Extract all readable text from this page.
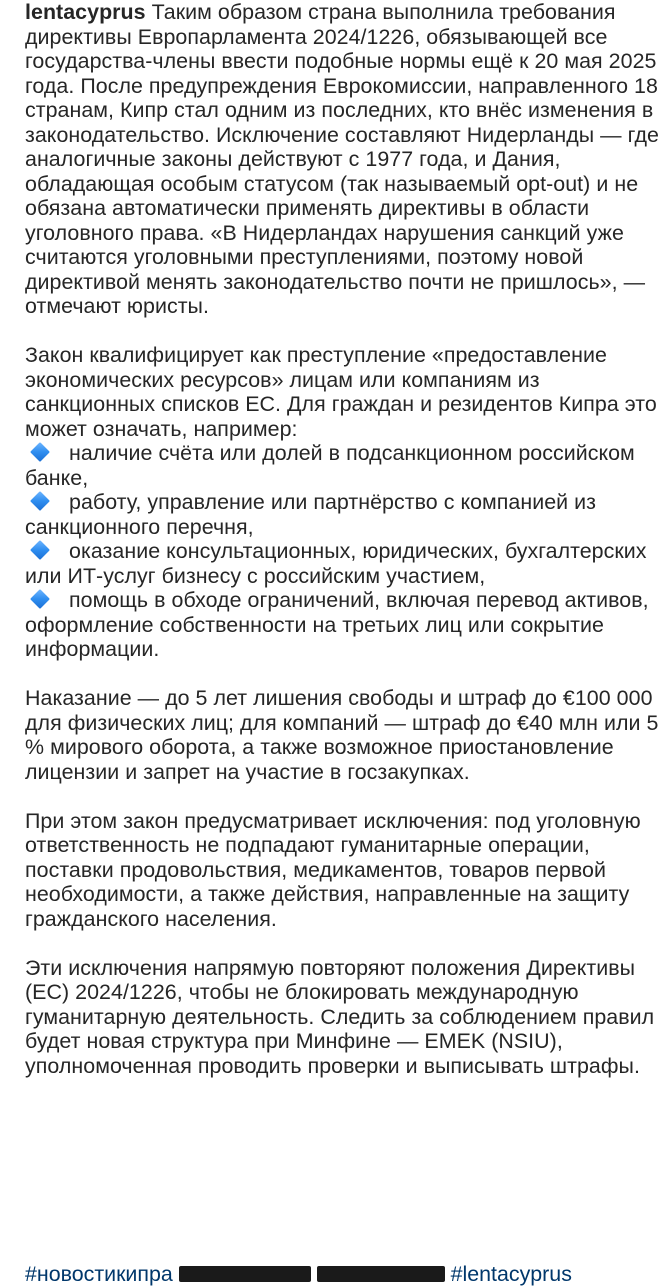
lentacyprus Таким образом страна выполнила требования директивы Европарламента 2024/1226, обязывающей все государства-члены ввести подобные нормы ещё к 20 мая 2025 года. После предупреждения Еврокомиссии, направленного 18 странам, Кипр стал одним из последних, кто внёс изменения в законодательство. Исключение составляют Нидерланды — где аналогичные законы действуют с 1977 года, и Дания, обладающая особым статусом (так называемый opt-out) и не обязана автоматически применять директивы в области уголовного права. «В Нидерландах нарушения санкций уже считаются уголовными преступлениями, поэтому новой директивой менять законодательство почти не пришлось», — отмечают юристы.

Закон квалифицирует как преступление «предоставление экономических ресурсов» лицам или компаниям из санкционных списков ЕС. Для граждан и резидентов Кипра это может означать, например:

наличие счёта или долей в подсанкционном российском банке,

работу, управление или партнёрство с компанией из санкционного перечня,

оказание консультационных, юридических, бухгалтерских или ИТ-услуг бизнесу с российским участием,

помощь в обходе ограничений, включая перевод активов, оформление собственности на третьих лиц или сокрытие информации.

Наказание — до 5 лет лишения свободы и штраф до €100 000 для физических лиц; для компаний — штраф до €40 млн или 5 % мирового оборота, а также возможное приостановление лицензии и запрет на участие в госзакупках.

При этом закон предусматривает исключения: под уголовную ответственность не подпадают гуманитарные операции, поставки продовольствия, медикаментов, товаров первой необходимости, а также действия, направленные на защиту гражданского населения.

Эти исключения напрямую повторяют положения Директивы (ЕС) 2024/1226, чтобы не блокировать международную гуманитарную деятельность. Следить за соблюдением правил будет новая структура при Минфине — ΕΜΕΚ (NSIU), уполномоченная проводить проверки и выписывать штрафы.

#новостикипра	#lentacyprus
